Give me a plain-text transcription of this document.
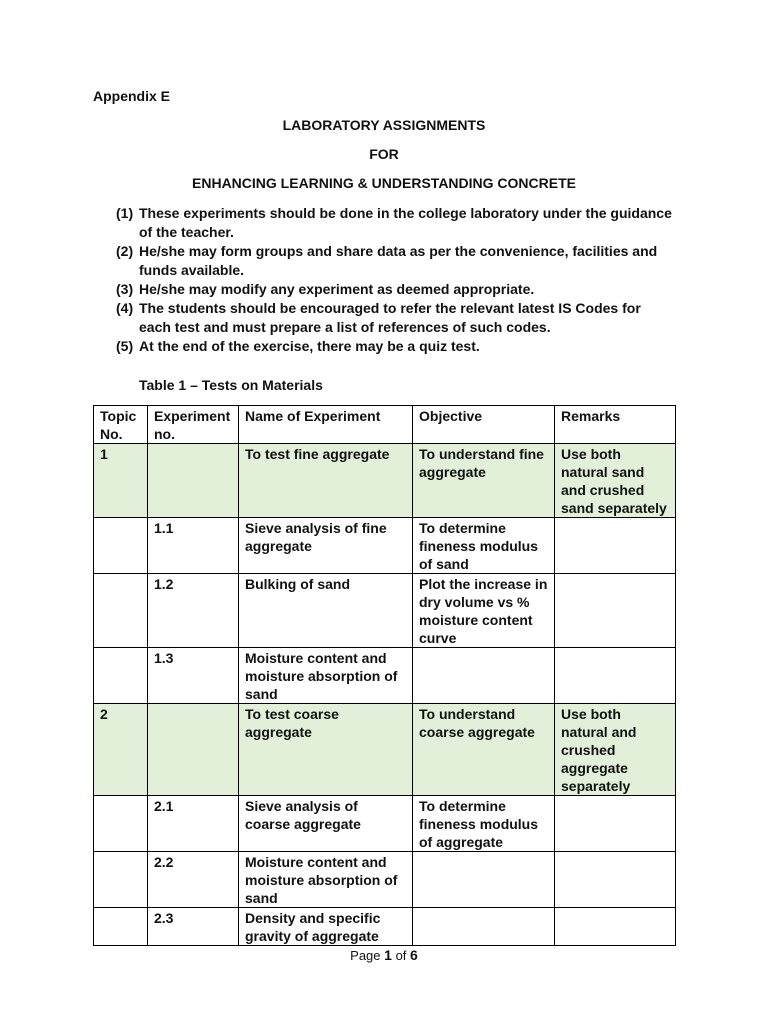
Appendix E
LABORATORY ASSIGNMENTS
FOR
ENHANCING LEARNING & UNDERSTANDING CONCRETE
(1) These experiments should be done in the college laboratory under the guidance of the teacher.
(2) He/she may form groups and share data as per the convenience, facilities and funds available.
(3) He/she may modify any experiment as deemed appropriate.
(4) The students should be encouraged to refer the relevant latest IS Codes for each test and must prepare a list of references of such codes.
(5) At the end of the exercise, there may be a quiz test.
Table 1 – Tests on Materials
Topic No.	Experiment no.	Name of Experiment	Objective	Remarks
1		To test fine aggregate	To understand fine aggregate	Use both natural sand and crushed sand separately
	1.1	Sieve analysis of fine aggregate	To determine fineness modulus of sand	
	1.2	Bulking of sand	Plot the increase in dry volume vs % moisture content curve	
	1.3	Moisture content and moisture absorption of sand		
2		To test coarse aggregate	To understand coarse aggregate	Use both natural and crushed aggregate separately
	2.1	Sieve analysis of coarse aggregate	To determine fineness modulus of aggregate	
	2.2	Moisture content and moisture absorption of sand		
	2.3	Density and specific gravity of aggregate		
Page 1 of 6
